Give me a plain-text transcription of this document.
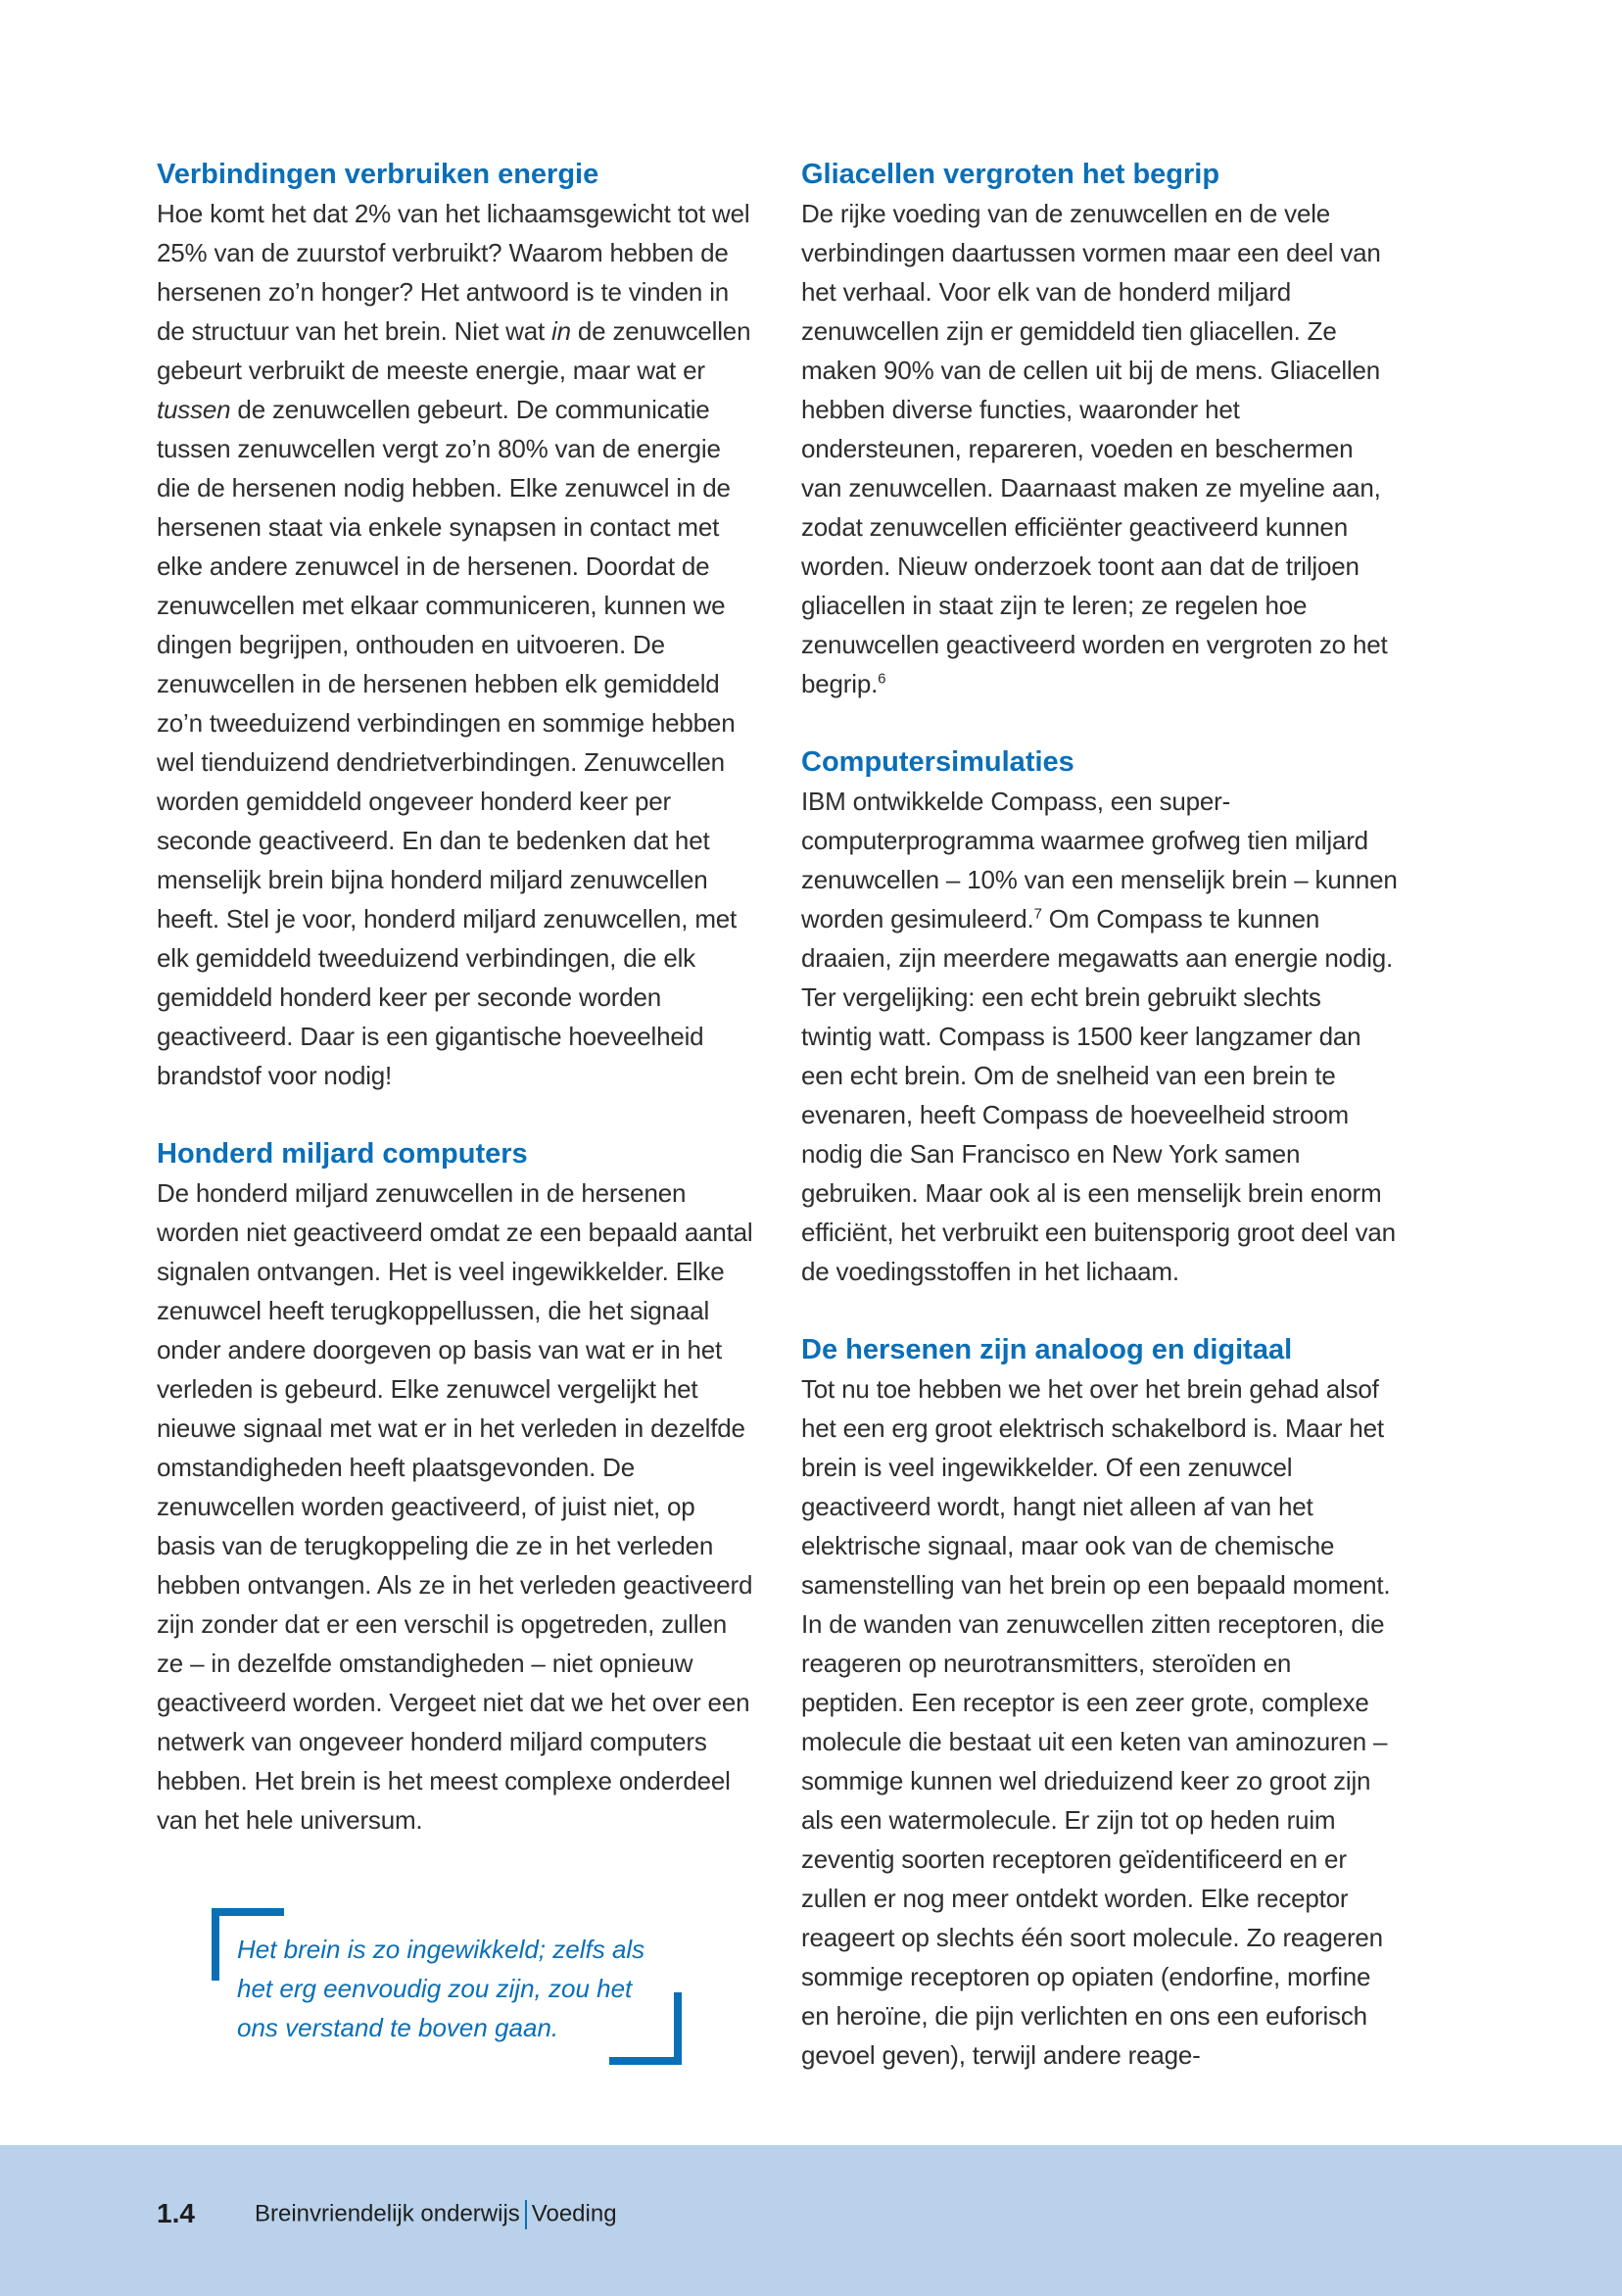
Verbindingen verbruiken energie

Hoe komt het dat 2% van het lichaamsgewicht tot wel 25% van de zuurstof verbruikt? Waarom hebben de hersenen zo’n honger? Het antwoord is te vinden in de structuur van het brein. Niet wat in de zenuwcellen gebeurt verbruikt de meeste energie, maar wat er tussen de zenuwcellen gebeurt. De communicatie tussen zenuwcellen vergt zo’n 80% van de energie die de hersenen nodig hebben. Elke zenuwcel in de hersenen staat via enkele synapsen in contact met elke andere zenuwcel in de hersenen. Doordat de zenuwcellen met elkaar communiceren, kunnen we dingen begrijpen, onthouden en uitvoeren. De zenuwcellen in de hersenen hebben elk gemiddeld zo’n tweeduizend verbindingen en sommige hebben wel tienduizend dendrietverbindingen. Zenuwcellen worden gemiddeld ongeveer honderd keer per seconde geactiveerd. En dan te bedenken dat het menselijk brein bijna honderd miljard zenuwcellen heeft. Stel je voor, honderd miljard zenuwcellen, met elk gemiddeld tweeduizend verbindingen, die elk gemiddeld honderd keer per seconde worden geactiveerd. Daar is een gigantische hoeveelheid brandstof voor nodig!

Honderd miljard computers

De honderd miljard zenuwcellen in de hersenen worden niet geactiveerd omdat ze een bepaald aantal signalen ontvangen. Het is veel ingewikkelder. Elke zenuwcel heeft terugkoppellussen, die het signaal onder andere doorgeven op basis van wat er in het verleden is gebeurd. Elke zenuwcel vergelijkt het nieuwe signaal met wat er in het verleden in dezelfde omstandigheden heeft plaatsgevonden. De zenuwcellen worden geactiveerd, of juist niet, op basis van de terugkoppeling die ze in het verleden hebben ontvangen. Als ze in het verleden geactiveerd zijn zonder dat er een verschil is opgetreden, zullen ze – in dezelfde omstandigheden – niet opnieuw geactiveerd worden. Vergeet niet dat we het over een netwerk van ongeveer honderd miljard computers hebben. Het brein is het meest complexe onderdeel van het hele universum.

Het brein is zo ingewikkeld; zelfs als het erg eenvoudig zou zijn, zou het ons verstand te boven gaan.
Gliacellen vergroten het begrip

De rijke voeding van de zenuwcellen en de vele verbindingen daartussen vormen maar een deel van het verhaal. Voor elk van de honderd miljard zenuwcellen zijn er gemiddeld tien gliacellen. Ze maken 90% van de cellen uit bij de mens. Gliacellen hebben diverse functies, waaronder het ondersteunen, repareren, voeden en beschermen van zenuwcellen. Daarnaast maken ze myeline aan, zodat zenuwcellen efficiënter geactiveerd kunnen worden. Nieuw onderzoek toont aan dat de triljoen gliacellen in staat zijn te leren; ze regelen hoe zenuwcellen geactiveerd worden en vergroten zo het begrip.$^6$

Computersimulaties

IBM ontwikkelde Compass, een super-computerprogramma waarmee grofweg tien miljard zenuwcellen – 10% van een menselijk brein – kunnen worden gesimuleerd.$^7$ Om Compass te kunnen draaien, zijn meerdere megawatts aan energie nodig. Ter vergelijking: een echt brein gebruikt slechts twintig watt. Compass is 1500 keer langzamer dan een echt brein. Om de snelheid van een brein te evenaren, heeft Compass de hoeveelheid stroom nodig die San Francisco en New York samen gebruiken. Maar ook al is een menselijk brein enorm efficiënt, het verbruikt een buitensporig groot deel van de voedingsstoffen in het lichaam.

De hersenen zijn analoog en digitaal

Tot nu toe hebben we het over het brein gehad alsof het een erg groot elektrisch schakelbord is. Maar het brein is veel ingewikkelder. Of een zenuwcel geactiveerd wordt, hangt niet alleen af van het elektrische signaal, maar ook van de chemische samenstelling van het brein op een bepaald moment. In de wanden van zenuwcellen zitten receptoren, die reageren op neurotransmitters, steroïden en peptiden. Een receptor is een zeer grote, complexe molecule die bestaat uit een keten van aminozuren – sommige kunnen wel drieduizend keer zo groot zijn als een watermolecule. Er zijn tot op heden ruim zeventig soorten receptoren geïdentificeerd en er zullen er nog meer ontdekt worden. Elke receptor reageert op slechts één soort molecule. Zo reageren sommige receptoren op opiaten (endorfine, morfine en heroïne, die pijn verlichten en ons een euforisch gevoel geven), terwijl andere reage-

1.4	Breinvriendelijk onderwijs Voeding
